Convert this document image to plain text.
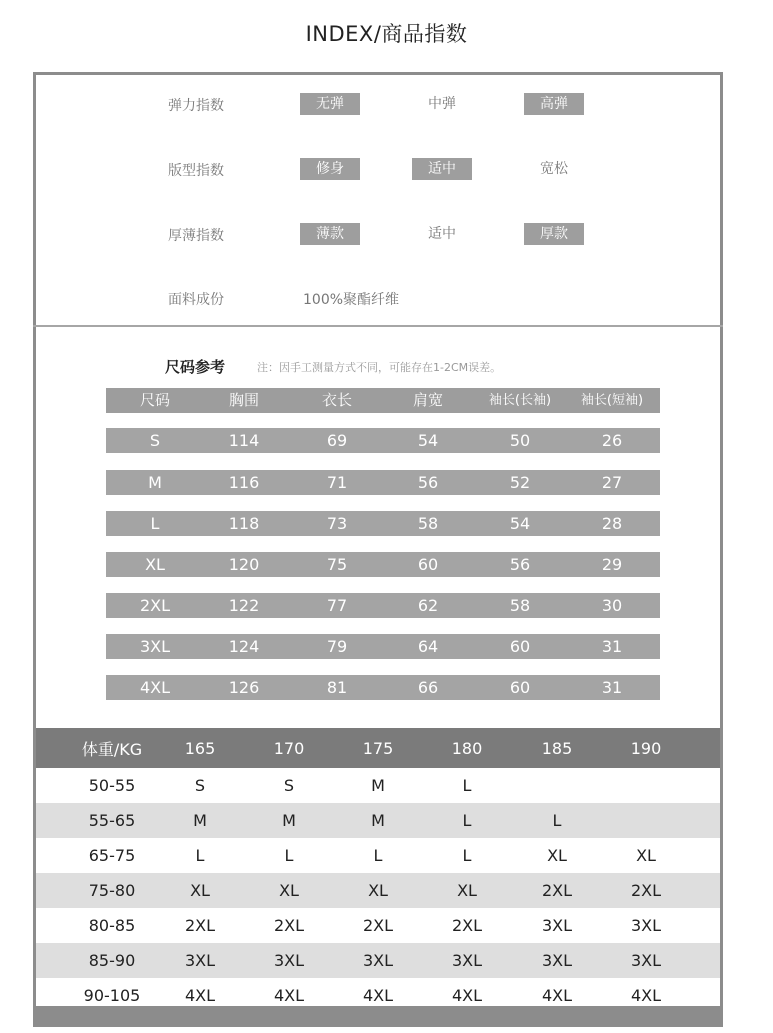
INDEX/商品指数
弹力指数	无弹	中弹	高弹
版型指数	修身	适中	宽松
厚薄指数	薄款	适中	厚款
面料成份	100%聚酯纤维
尺码参考	注：因手工测量方式不同，可能存在1-2CM误差。
尺码	胸围	衣长	肩宽	袖长(长袖)	袖长(短袖)
S	114	69	54	50	26
M	116	71	56	52	27
L	118	73	58	54	28
XL	120	75	60	56	29
2XL	122	77	62	58	30
3XL	124	79	64	60	31
4XL	126	81	66	60	31
体重/KG	165	170	175	180	185	190
50-55	S	S	M	L
55-65	M	M	M	L	L
65-75	L	L	L	L	XL	XL
75-80	XL	XL	XL	XL	2XL	2XL
80-85	2XL	2XL	2XL	2XL	3XL	3XL
85-90	3XL	3XL	3XL	3XL	3XL	3XL
90-105	4XL	4XL	4XL	4XL	4XL	4XL
